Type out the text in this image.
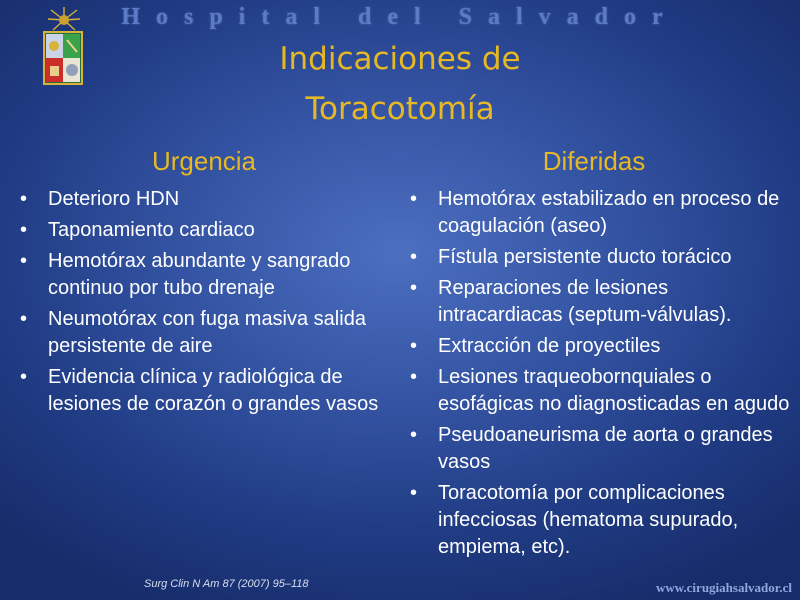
Hospital del Salvador
Indicaciones de
Toracotomía
Urgencia	Diferidas
• Deterioro HDN
• Taponamiento cardiaco
• Hemotórax abundante y sangrado continuo por tubo drenaje
• Neumotórax con fuga masiva salida persistente de aire
• Evidencia clínica y radiológica de lesiones de corazón o grandes vasos
• Hemotórax estabilizado en proceso de coagulación (aseo)
• Fístula persistente ducto torácico
• Reparaciones de lesiones intracardiacas (septum-válvulas).
• Extracción de proyectiles
• Lesiones traqueobornquiales o esofágicas no diagnosticadas en agudo
• Pseudoaneurisma de aorta o grandes vasos
• Toracotomía por complicaciones infecciosas (hematoma supurado, empiema, etc).
Surg Clin N Am 87 (2007) 95–118	www.cirugiahsalvador.cl
